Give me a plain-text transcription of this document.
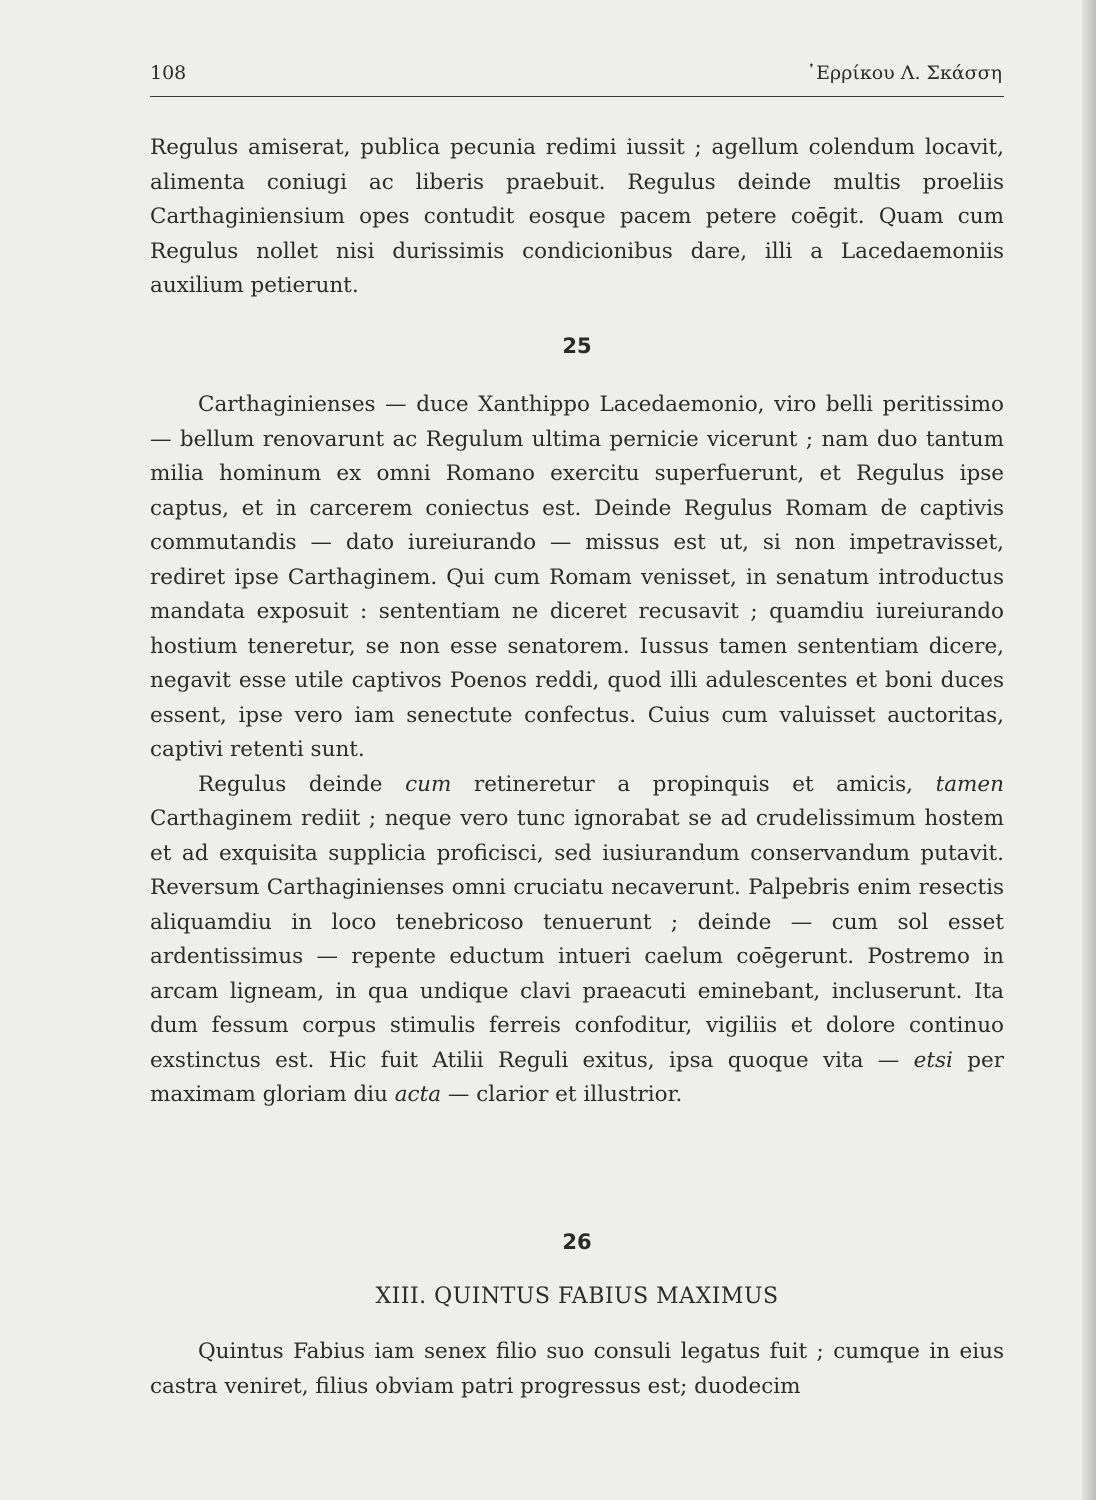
108	῾Ερρίκου Λ. Σκάσση

Regulus amiserat, publica pecunia redimi iussit ; agellum colendum locavit, alimenta coniugi ac liberis praebuit. Regulus deinde multis proeliis Carthaginiensium opes contudit eosque pacem petere coēgit. Quam cum Regulus nollet nisi durissimis condicionibus dare, illi a Lacedaemoniis auxilium petierunt.

25

Carthaginienses — duce Xanthippo Lacedaemonio, viro belli peritissimo — bellum renovarunt ac Regulum ultima pernicie vicerunt ; nam duo tantum milia hominum ex omni Romano exercitu superfuerunt, et Regulus ipse captus, et in carcerem coniectus est. Deinde Regulus Romam de captivis commutandis — dato iureiurando — missus est ut, si non impetravisset, rediret ipse Carthaginem. Qui cum Romam venisset, in senatum introductus mandata exposuit : sententiam ne diceret recusavit ; quamdiu iureiurando hostium teneretur, se non esse senatorem. Iussus tamen sententiam dicere, negavit esse utile captivos Poenos reddi, quod illi adulescentes et boni duces essent, ipse vero iam senectute confectus. Cuius cum valuisset auctoritas, captivi retenti sunt.

Regulus deinde cum retineretur a propinquis et amicis, tamen Carthaginem rediit ; neque vero tunc ignorabat se ad crudelissimum hostem et ad exquisita supplicia proficisci, sed iusiurandum conservandum putavit. Reversum Carthaginienses omni cruciatu necaverunt. Palpebris enim resectis aliquamdiu in loco tenebricoso tenuerunt ; deinde — cum sol esset ardentissimus — repente eductum intueri caelum coēgerunt. Postremo in arcam ligneam, in qua undique clavi praeacuti eminebant, incluserunt. Ita dum fessum corpus stimulis ferreis confoditur, vigiliis et dolore continuo exstinctus est. Hic fuit Atilii Reguli exitus, ipsa quoque vita — etsi per maximam gloriam diu acta — clarior et illustrior.

26
XIII. QUINTUS FABIUS MAXIMUS

Quintus Fabius iam senex filio suo consuli legatus fuit ; cumque in eius castra veniret, filius obviam patri progressus est; duodecim
